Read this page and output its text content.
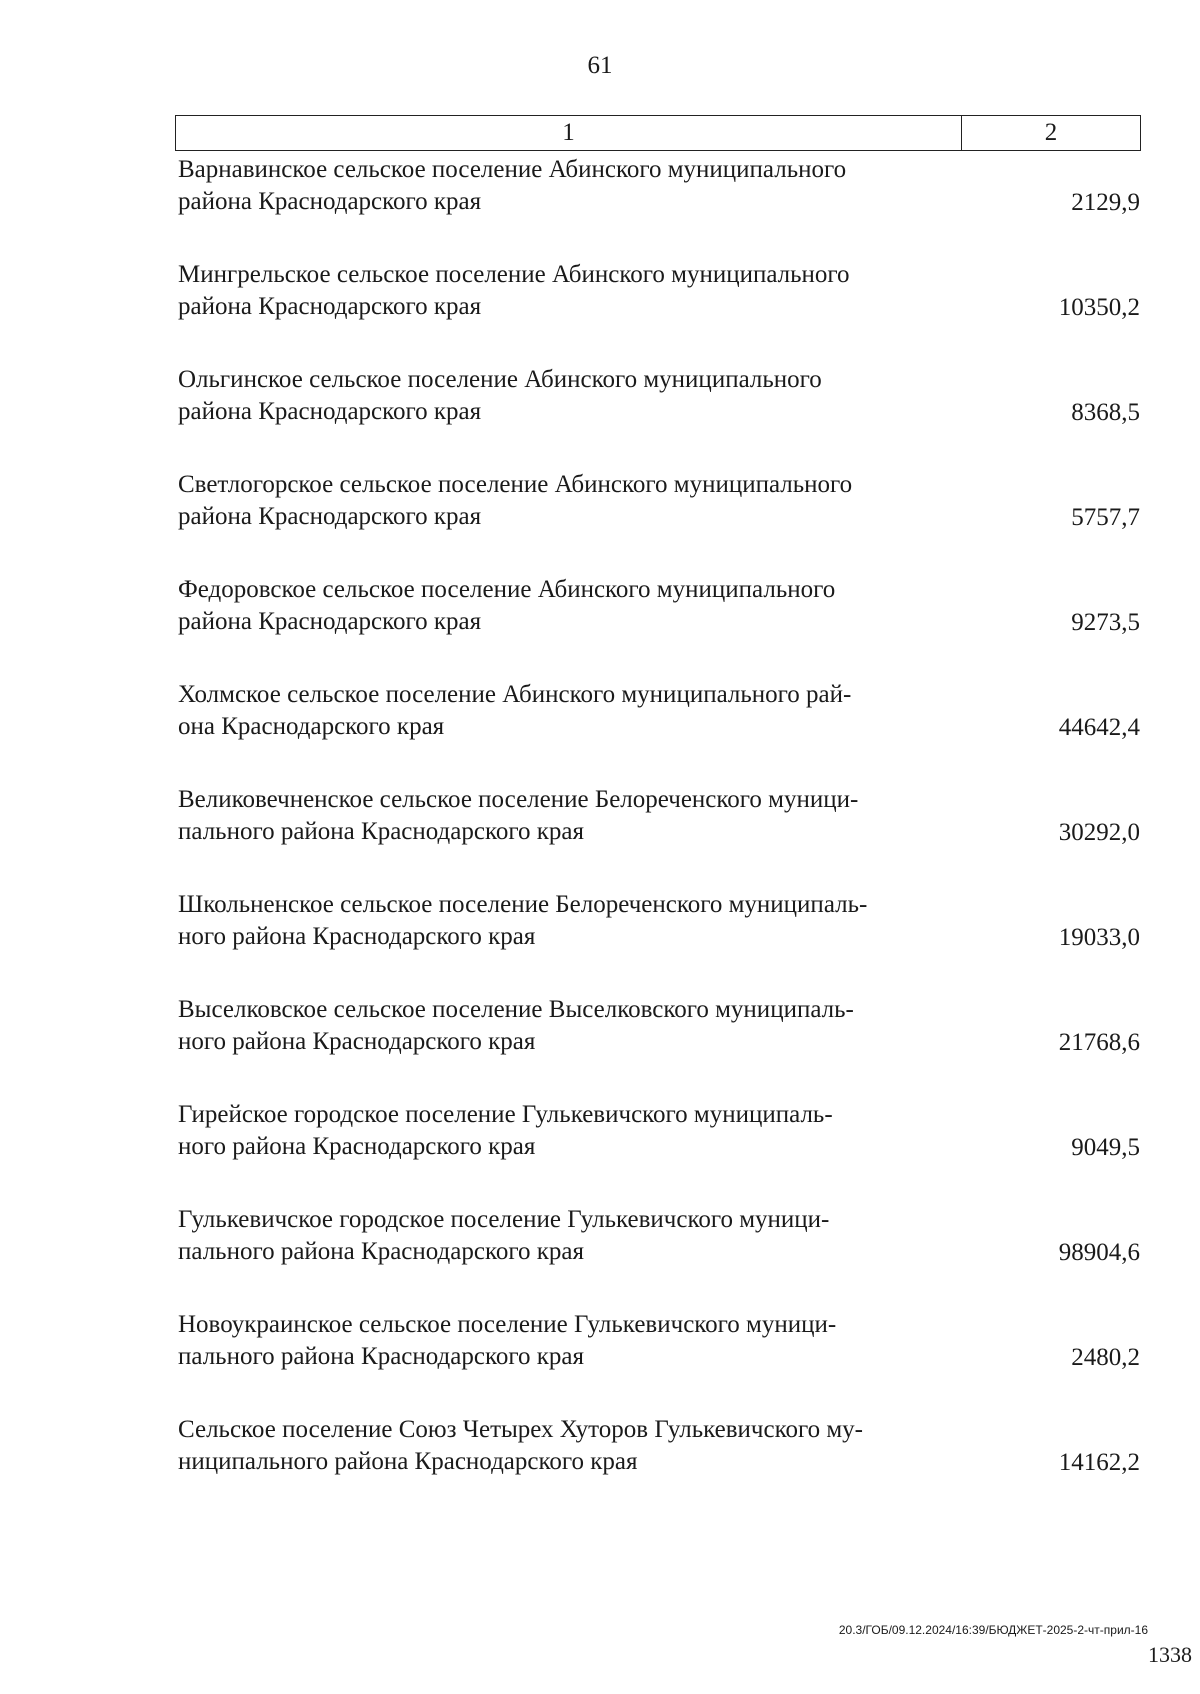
61
1	2
Варнавинское сельское поселение Абинского муниципального
района Краснодарского края	2129,9
Мингрельское сельское поселение Абинского муниципального
района Краснодарского края	10350,2
Ольгинское сельское поселение Абинского муниципального
района Краснодарского края	8368,5
Светлогорское сельское поселение Абинского муниципального
района Краснодарского края	5757,7
Федоровское сельское поселение Абинского муниципального
района Краснодарского края	9273,5
Холмское сельское поселение Абинского муниципального рай-
она Краснодарского края	44642,4
Великовечненское сельское поселение Белореченского муници-
пального района Краснодарского края	30292,0
Школьненское сельское поселение Белореченского муниципаль-
ного района Краснодарского края	19033,0
Выселковское сельское поселение Выселковского муниципаль-
ного района Краснодарского края	21768,6
Гирейское городское поселение Гулькевичского муниципаль-
ного района Краснодарского края	9049,5
Гулькевичское городское поселение Гулькевичского муници-
пального района Краснодарского края	98904,6
Новоукраинское сельское поселение Гулькевичского муници-
пального района Краснодарского края	2480,2
Сельское поселение Союз Четырех Хуторов Гулькевичского му-
ниципального района Краснодарского края	14162,2
20.3/ГОБ/09.12.2024/16:39/БЮДЖЕТ-2025-2-чт-прил-16
1338
